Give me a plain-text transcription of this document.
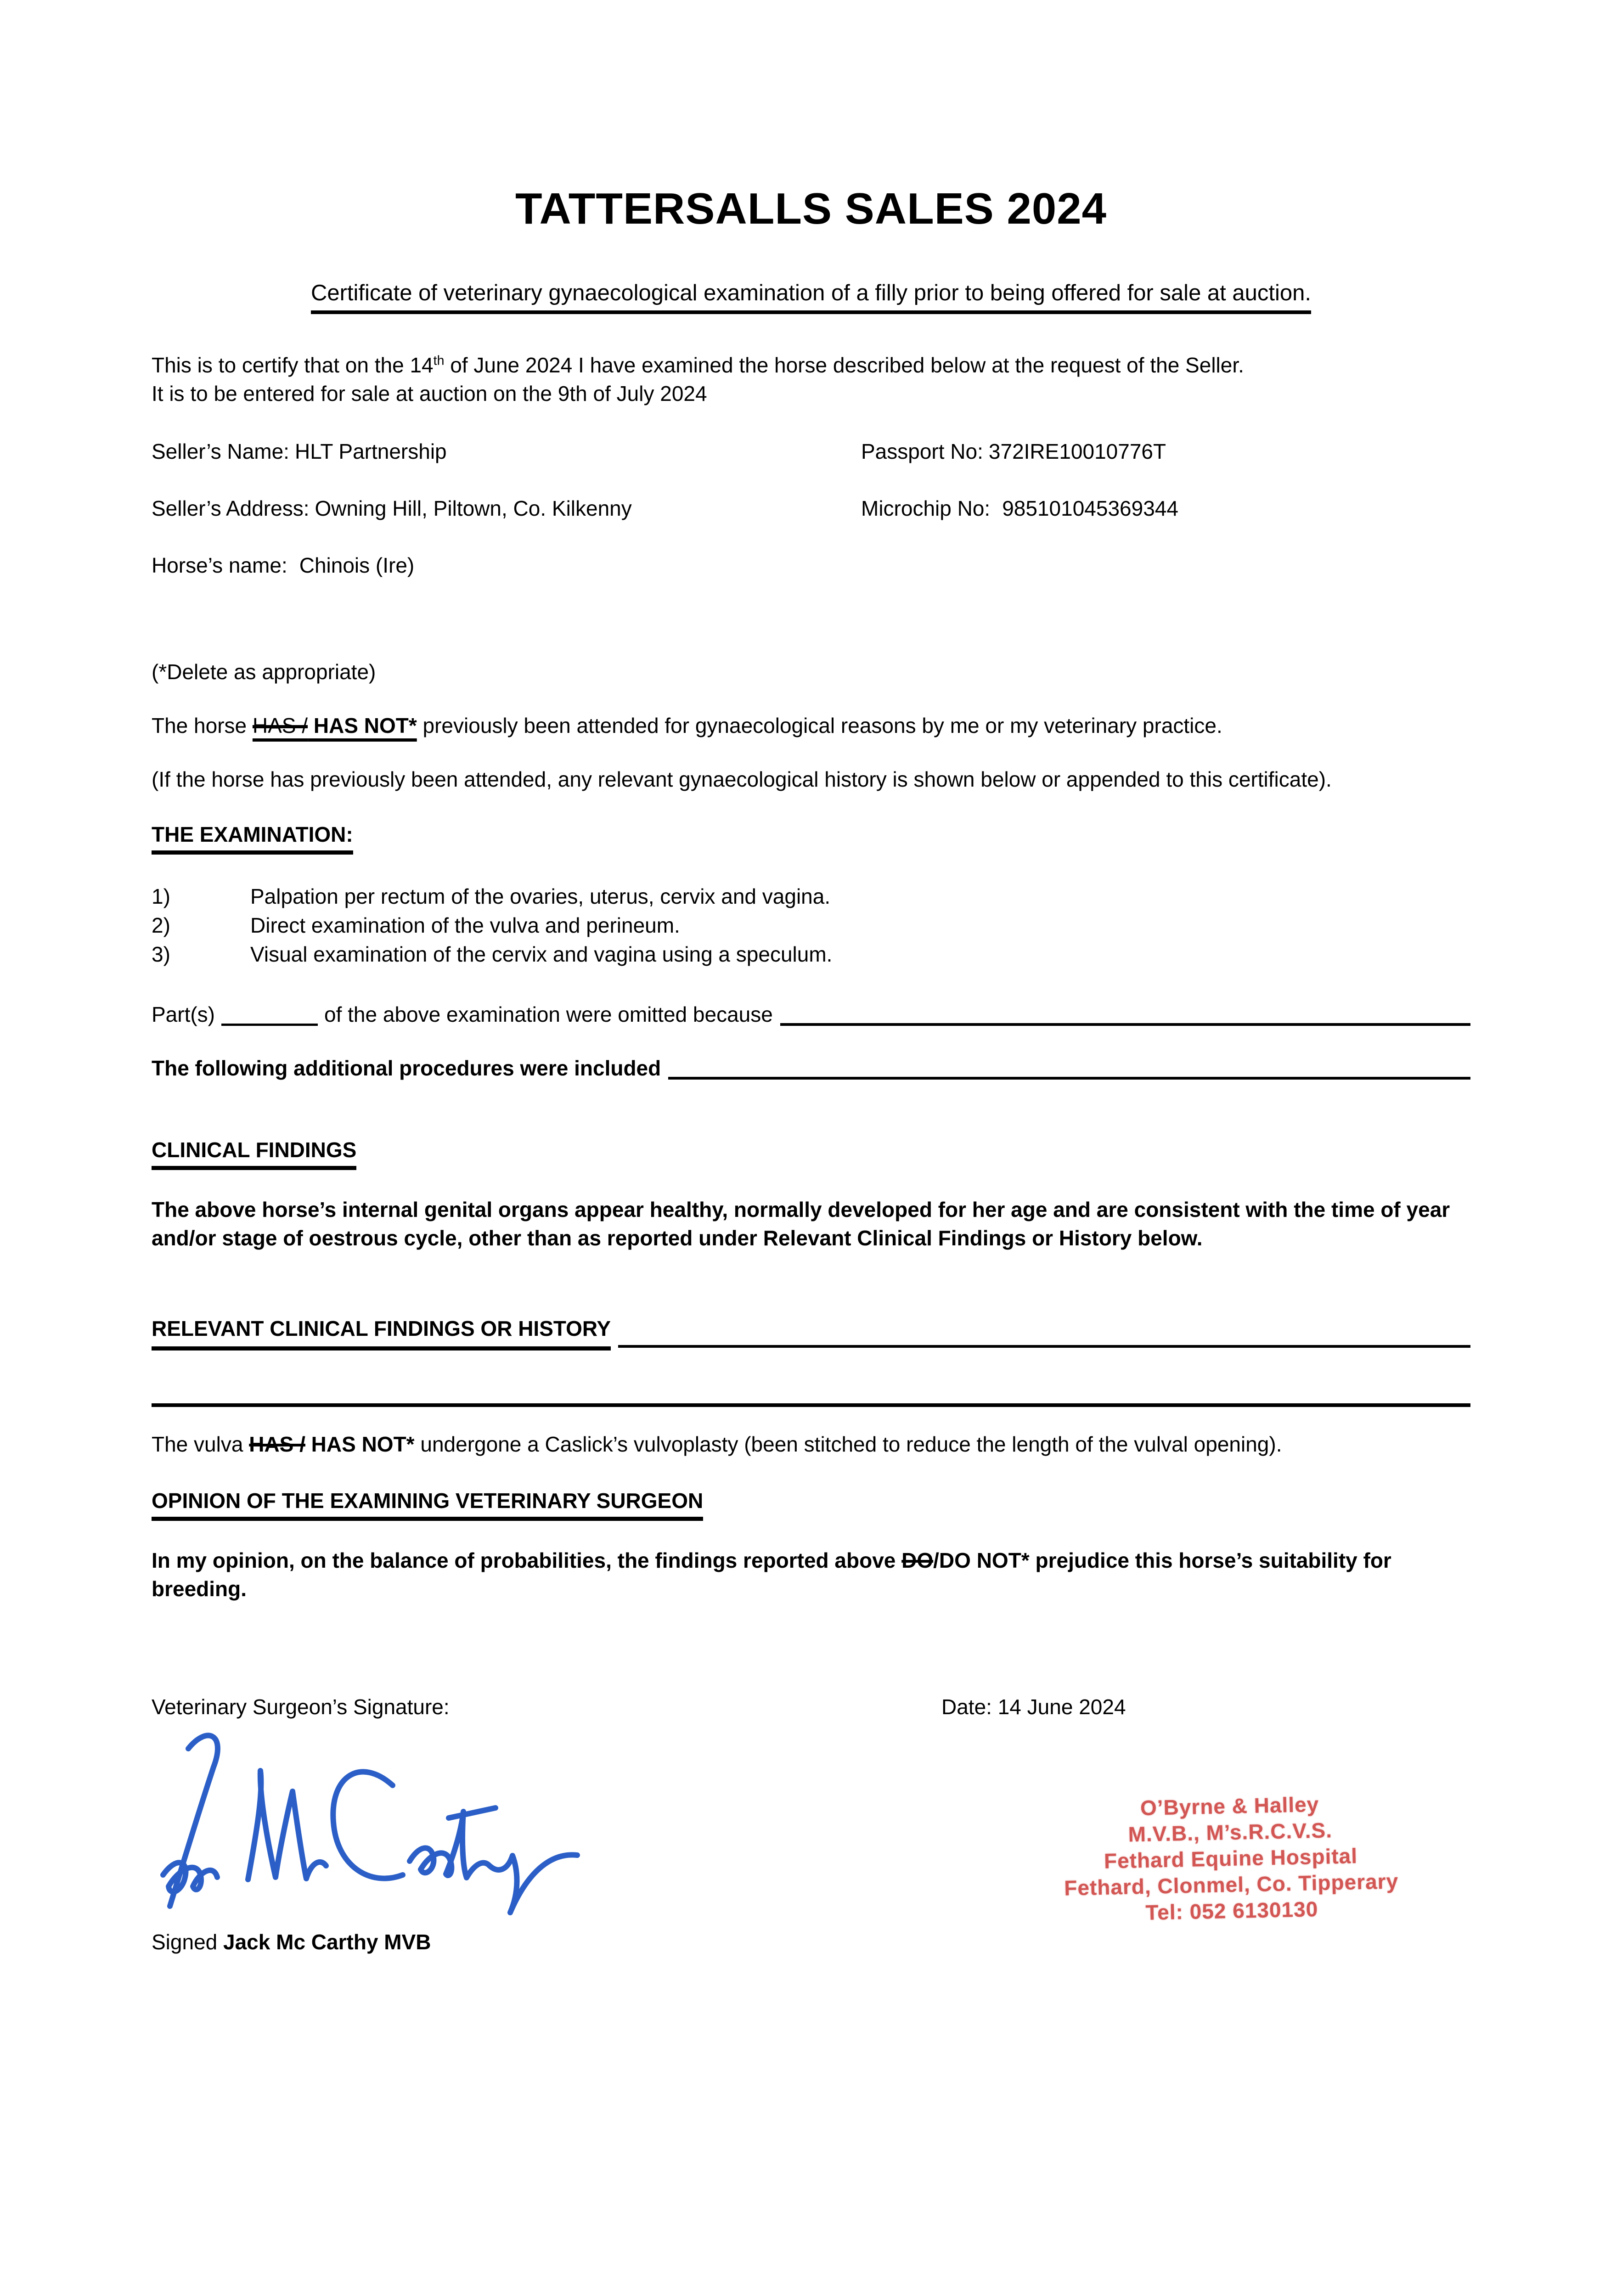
TATTERSALLS SALES 2024
Certificate of veterinary gynaecological examination of a filly prior to being offered for sale at auction.
This is to certify that on the 14th of June 2024 I have examined the horse described below at the request of the Seller.
It is to be entered for sale at auction on the 9th of July 2024
Seller’s Name: HLT Partnership	Passport No: 372IRE10010776T
Seller’s Address: Owning Hill, Piltown, Co. Kilkenny	Microchip No: 985101045369344
Horse’s name: Chinois (Ire)
(*Delete as appropriate)
The horse HAS / HAS NOT* previously been attended for gynaecological reasons by me or my veterinary practice.
(If the horse has previously been attended, any relevant gynaecological history is shown below or appended to this certificate).
THE EXAMINATION:
1)	Palpation per rectum of the ovaries, uterus, cervix and vagina.
2)	Direct examination of the vulva and perineum.
3)	Visual examination of the cervix and vagina using a speculum.
Part(s)	of the above examination were omitted because
The following additional procedures were included
CLINICAL FINDINGS
The above horse’s internal genital organs appear healthy, normally developed for her age and are consistent with the time of year and/or stage of oestrous cycle, other than as reported under Relevant Clinical Findings or History below.
RELEVANT CLINICAL FINDINGS OR HISTORY
The vulva HAS / HAS NOT* undergone a Caslick’s vulvoplasty (been stitched to reduce the length of the vulval opening).
OPINION OF THE EXAMINING VETERINARY SURGEON
In my opinion, on the balance of probabilities, the findings reported above DO/DO NOT* prejudice this horse’s suitability for breeding.
Veterinary Surgeon’s Signature:	Date: 14 June 2024
Signed Jack Mc Carthy MVB
O’Byrne & Halley
M.V.B., M’s.R.C.V.S.
Fethard Equine Hospital
Fethard, Clonmel, Co. Tipperary
Tel: 052 6130130
